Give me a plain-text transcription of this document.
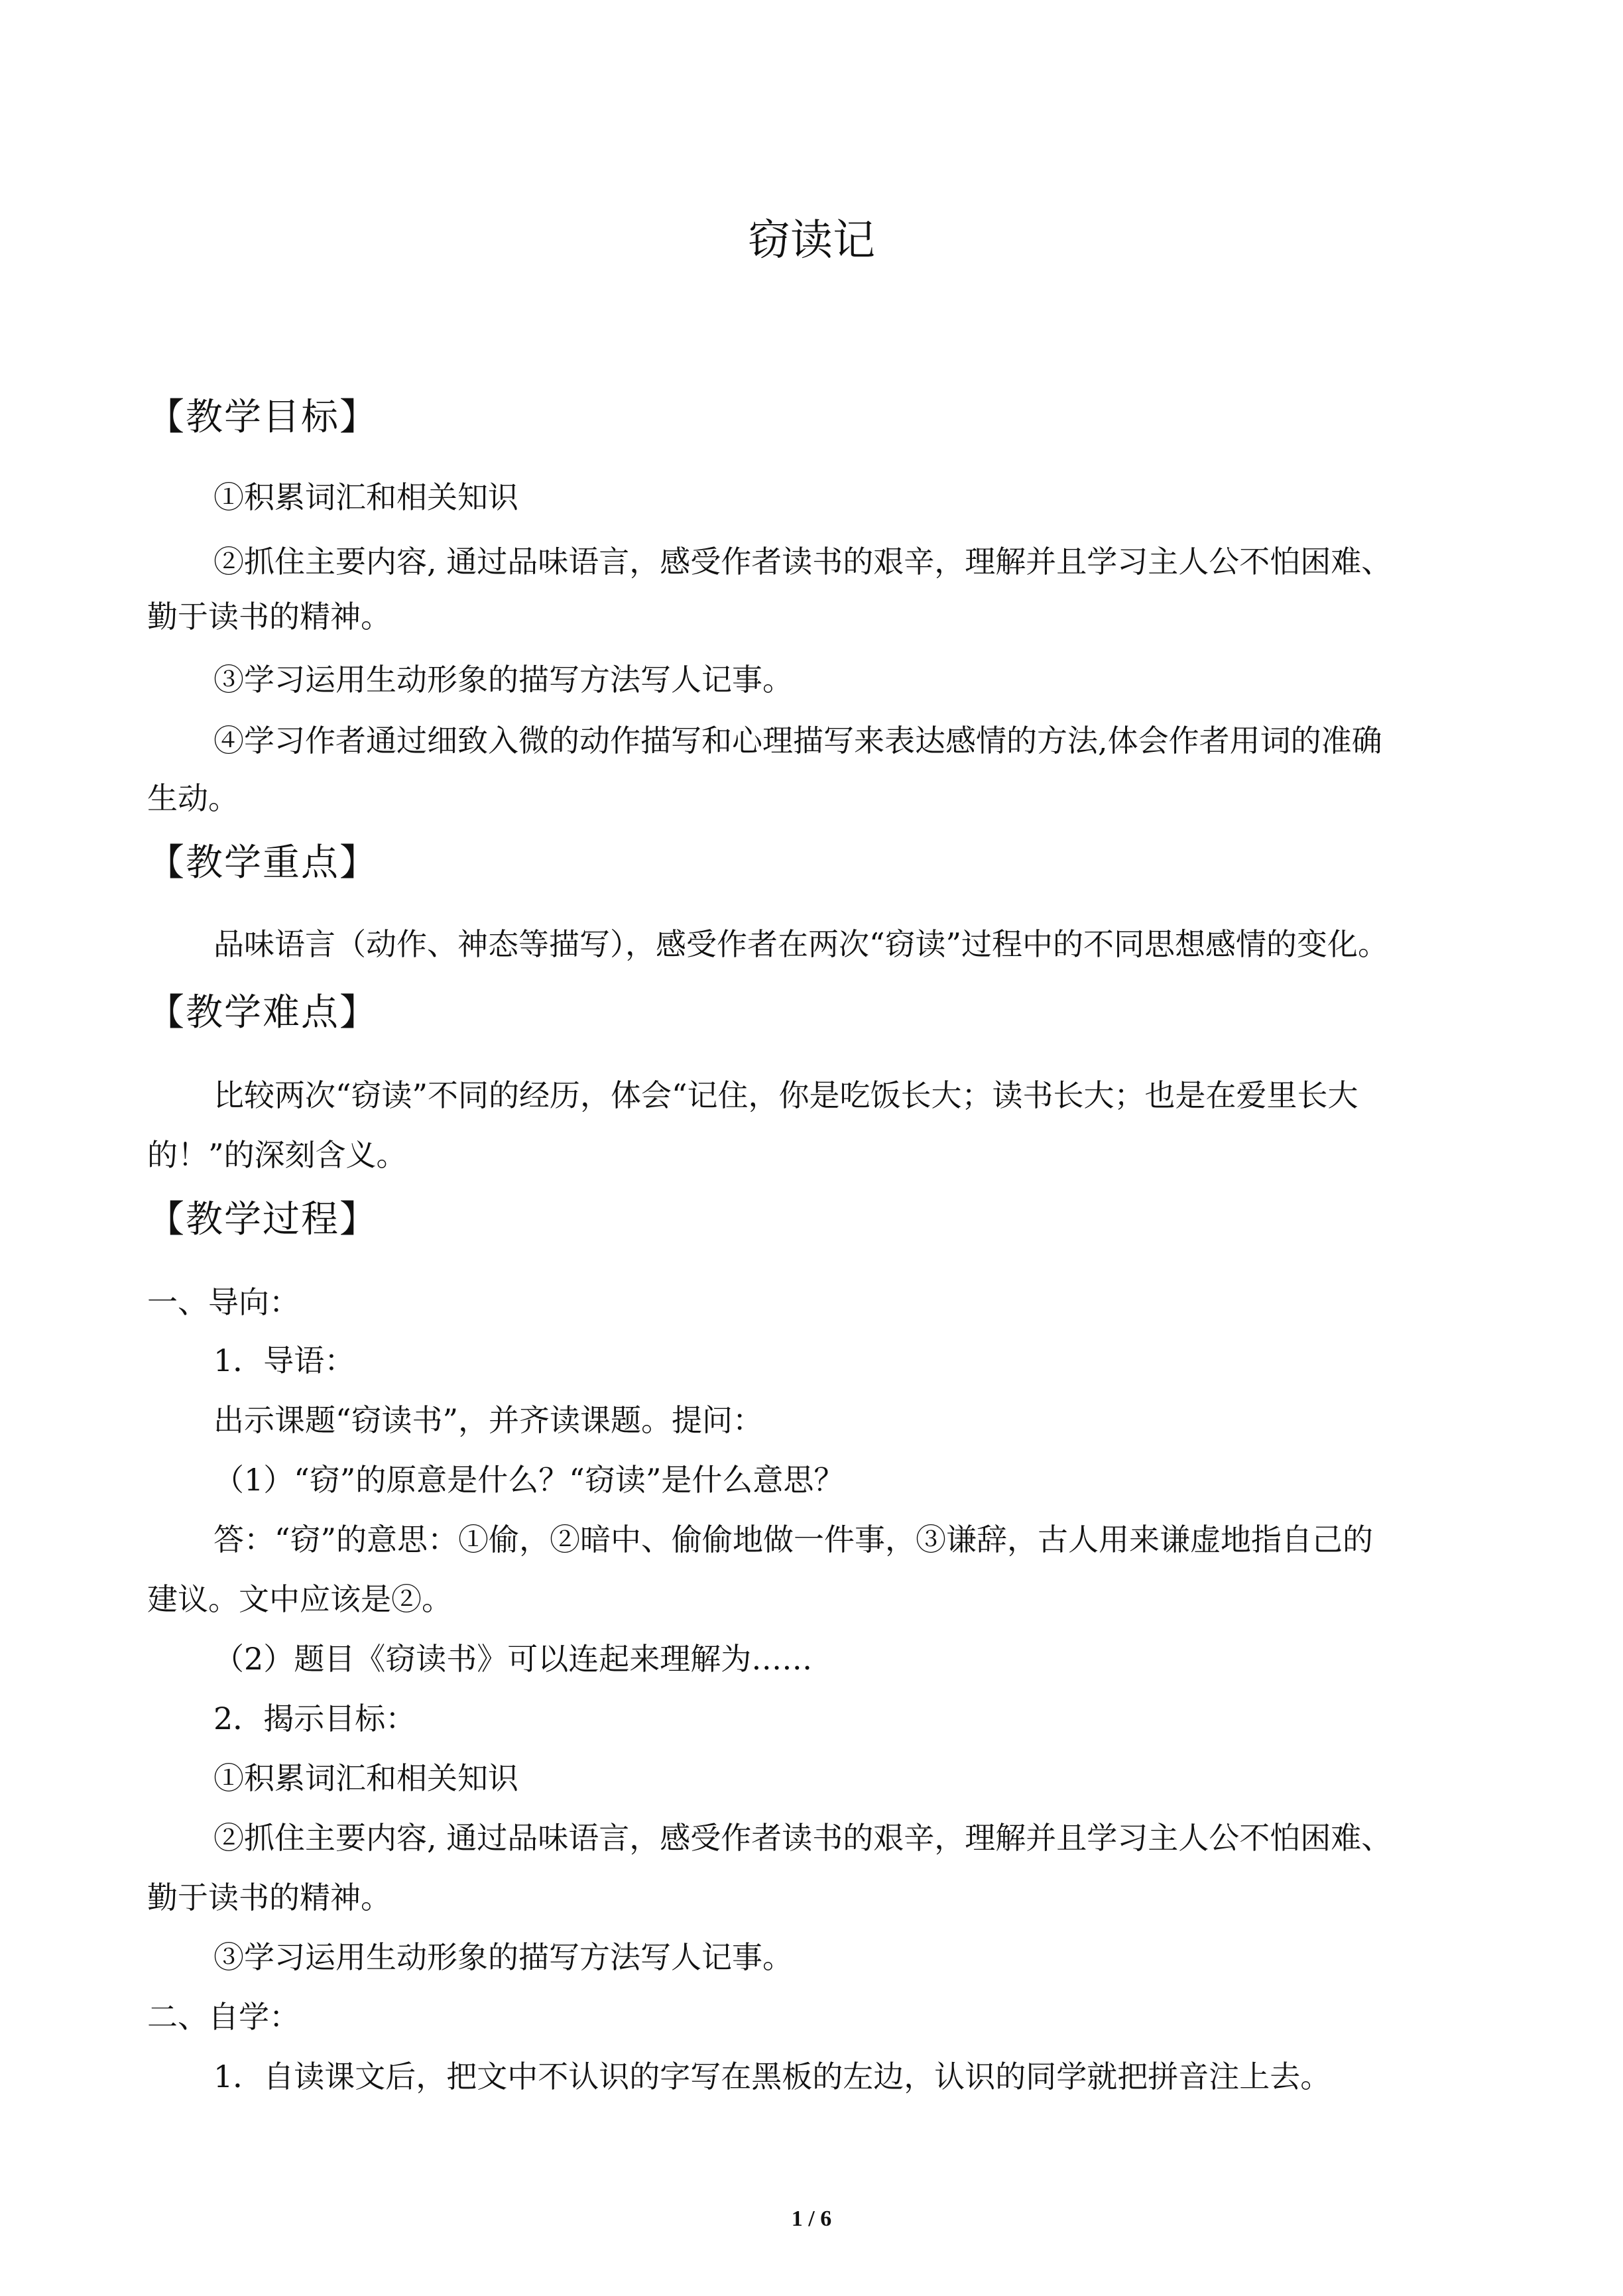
窃读记
【教学目标】
①积累词汇和相关知识
②抓住主要内容, 通过品味语言，感受作者读书的艰辛，理解并且学习主人公不怕困难、
勤于读书的精神。
③学习运用生动形象的描写方法写人记事。
④学习作者通过细致入微的动作描写和心理描写来表达感情的方法,体会作者用词的准确
生动。
【教学重点】
品味语言（动作、神态等描写），感受作者在两次“窃读”过程中的不同思想感情的变化。
【教学难点】
比较两次“窃读”不同的经历，体会“记住，你是吃饭长大；读书长大；也是在爱里长大
的！”的深刻含义。
【教学过程】
一、导向：
1．导语：
出示课题“窃读书”，并齐读课题。提问：
（1）“窃”的原意是什么？“窃读”是什么意思？
答：“窃”的意思：①偷，②暗中、偷偷地做一件事，③谦辞，古人用来谦虚地指自己的
建议。文中应该是②。
（2）题目《窃读书》可以连起来理解为……
2．揭示目标：
①积累词汇和相关知识
②抓住主要内容, 通过品味语言，感受作者读书的艰辛，理解并且学习主人公不怕困难、
勤于读书的精神。
③学习运用生动形象的描写方法写人记事。
二、自学：
1．自读课文后，把文中不认识的字写在黑板的左边，认识的同学就把拼音注上去。
1 / 6
